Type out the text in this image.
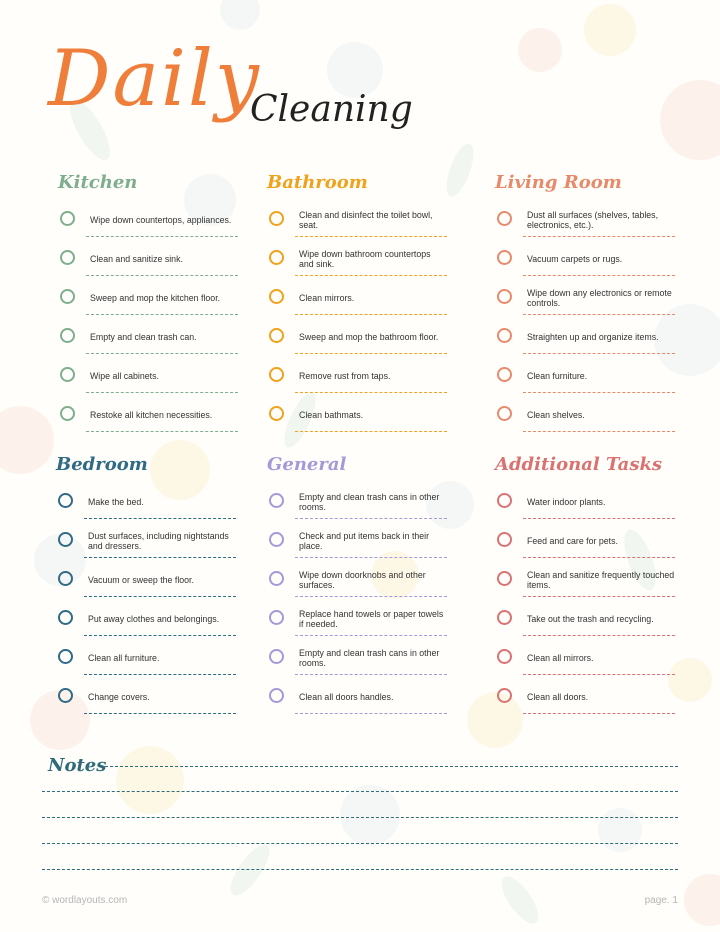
Daily
Cleaning
Kitchen
Wipe down countertops, appliances.
Clean and sanitize sink.
Sweep and mop the kitchen floor.
Empty and clean trash can.
Wipe all cabinets.
Restoke all kitchen necessities.
Bathroom
Clean and disinfect the toilet bowl, seat.
Wipe down bathroom countertops and sink.
Clean mirrors.
Sweep and mop the bathroom floor.
Remove rust from taps.
Clean bathmats.
Living Room
Dust all surfaces (shelves, tables, electronics, etc.).
Vacuum carpets or rugs.
Wipe down any electronics or remote controls.
Straighten up and organize items.
Clean furniture.
Clean shelves.
Bedroom
Make the bed.
Dust surfaces, including nightstands and dressers.
Vacuum or sweep the floor.
Put away clothes and belongings.
Clean all furniture.
Change covers.
General
Empty and clean trash cans in other rooms.
Check and put items back in their place.
Wipe down doorknobs and other surfaces.
Replace hand towels or paper towels if needed.
Empty and clean trash cans in other rooms.
Clean all doors handles.
Additional Tasks
Water indoor plants.
Feed and care for pets.
Clean and sanitize frequently touched items.
Take out the trash and recycling.
Clean all mirrors.
Clean all doors.
Notes
© wordlayouts.com	page. 1
